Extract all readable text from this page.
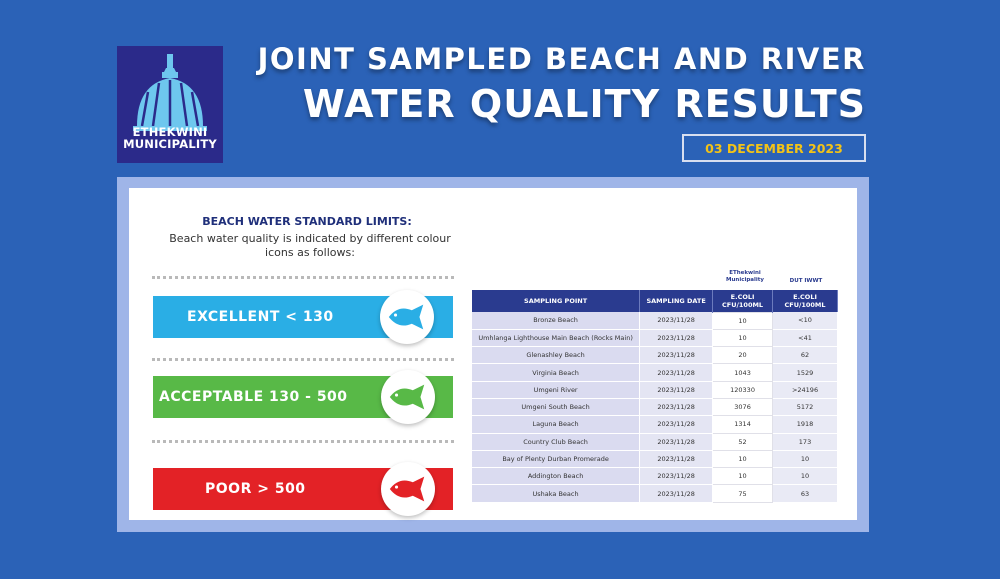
ETHEKWINI
MUNICIPALITY
JOINT SAMPLED BEACH AND RIVER
WATER QUALITY RESULTS
03 DECEMBER 2023
BEACH WATER STANDARD LIMITS:
Beach water quality is indicated by different colour
icons as follows:
EXCELLENT < 130
ACCEPTABLE 130 - 500
POOR > 500
EThekwini
Municipality	DUT IWWT
SAMPLING POINT	SAMPLING DATE	E.COLI CFU/100ML	E.COLI CFU/100ML
Bronze Beach	2023/11/28	10	<10
Umhlanga Lighthouse Main Beach (Rocks Main)	2023/11/28	10	<41
Glenashley Beach	2023/11/28	20	62
Virginia Beach	2023/11/28	1043	1529
Umgeni River	2023/11/28	120330	>24196
Umgeni South Beach	2023/11/28	3076	5172
Laguna Beach	2023/11/28	1314	1918
Country Club Beach	2023/11/28	52	173
Bay of Plenty Durban Promerade	2023/11/28	10	10
Addington Beach	2023/11/28	10	10
Ushaka Beach	2023/11/28	75	63
